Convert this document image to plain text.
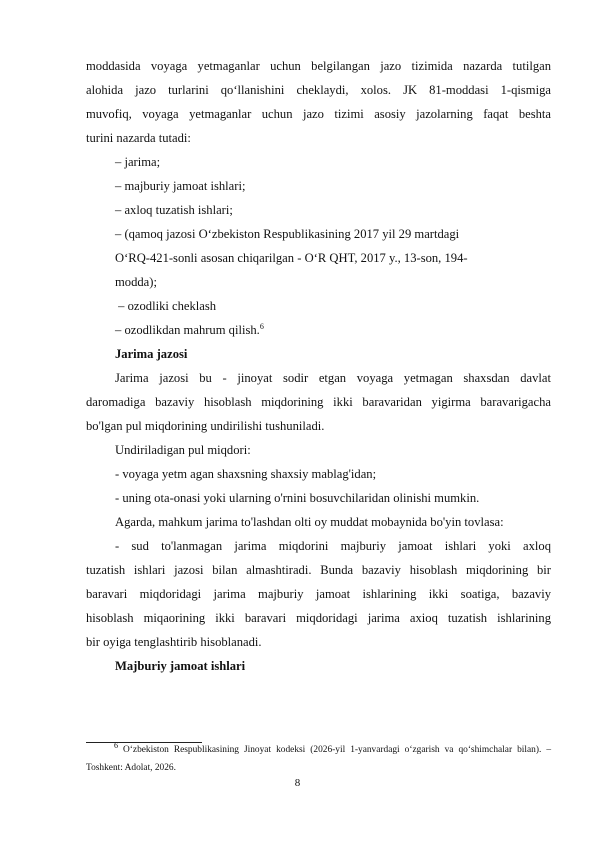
moddasida voyaga yetmaganlar uchun belgilangan jazo tizimida nazarda tutilgan
alohida jazo turlarini qo‘llanishini cheklaydi, xolos. JK 81-moddasi 1-qismiga
muvofiq, voyaga yetmaganlar uchun jazo tizimi asosiy jazolarning faqat beshta
turini nazarda tutadi:
– jarima;
– majburiy jamoat ishlari;
– axloq tuzatish ishlari;
– (qamoq jazosi O‘zbekiston Respublikasining 2017 yil 29 martdagi
O‘RQ-421-sonli asosan chiqarilgan - O‘R QHT, 2017 y., 13-son, 194-
modda);
– ozodliki cheklash
– ozodlikdan mahrum qilish.$^6$
Jarima jazosi
Jarima jazosi bu - jinoyat sodir etgan voyaga yetmagan shaxsdan davlat
daromadiga bazaviy hisoblash miqdorining ikki baravaridan yigirma baravarigacha
bo'lgan pul miqdorining undirilishi tushuniladi.
Undiriladigan pul miqdori:
- voyaga yetm agan shaxsning shaxsiy mablag'idan;
- uning ota-onasi yoki ularning o'rnini bosuvchilaridan olinishi mumkin.
Agarda, mahkum jarima to'lashdan olti oy muddat mobaynida bo'yin tovlasa:
- sud to'lanmagan jarima miqdorini majburiy jamoat ishlari yoki axloq
tuzatish ishlari jazosi bilan almashtiradi. Bunda bazaviy hisoblash miqdorining bir
baravari miqdoridagi jarima majburiy jamoat ishlarining ikki soatiga, bazaviy
hisoblash miqaorining ikki baravari miqdoridagi jarima axioq tuzatish ishlarining
bir oyiga tenglashtirib hisoblanadi.
Majburiy jamoat ishlari
6 O‘zbekiston Respublikasining Jinoyat kodeksi (2026-yil 1-yanvardagi o‘zgarish va qo‘shimchalar bilan). –
Toshkent: Adolat, 2026.
8
